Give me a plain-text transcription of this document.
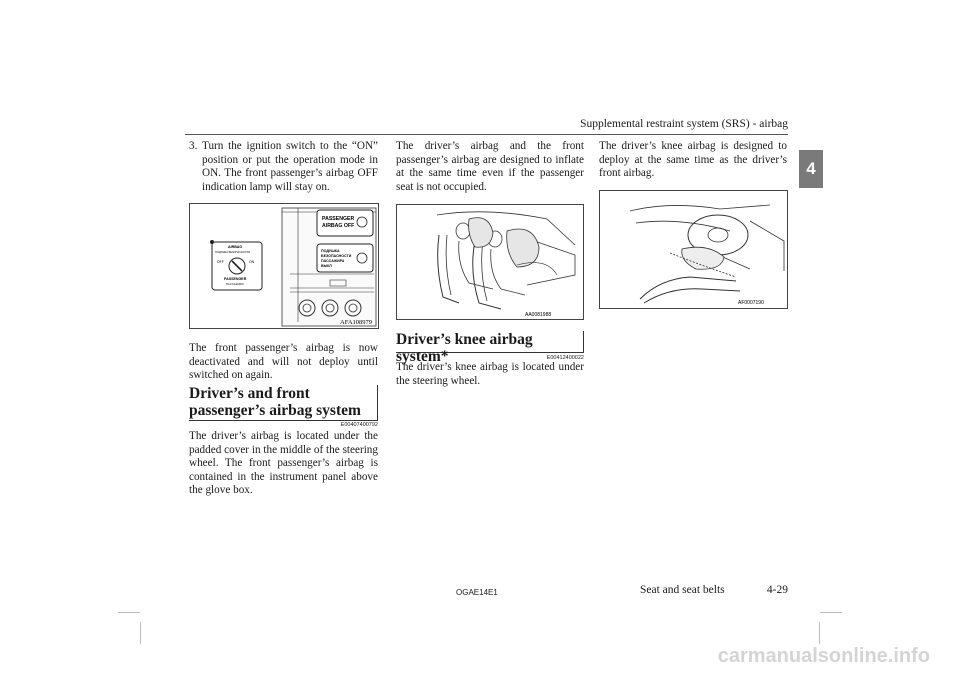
Supplemental restraint system (SRS) - airbag
4
3. Turn the ignition switch to the “ON” position or put the operation mode in ON. The front passenger’s airbag OFF indication lamp will stay on.
PASSENGER
AIRBAG OFF
ПОДУШКА
БЕЗОПАСНОСТИ
ПАССАЖИРА
ВЫКЛ
AIRBAG
ПОДУШКА БЕЗОПАСНОСТИ
OFF	ON
PASSENGER
ПАССАЖИРА
AFA108979
The front passenger’s airbag is now deactivated and will not deploy until switched on again.
Driver’s and front passenger’s airbag system
E00407400792
The driver’s airbag is located under the padded cover in the middle of the steering wheel. The front passenger’s airbag is contained in the instrument panel above the glove box.
The driver’s airbag and the front passenger’s airbag are designed to inflate at the same time even if the passenger seat is not occupied.
AA0081988
Driver’s knee airbag system*	E00412400022
The driver’s knee airbag is located under the steering wheel.
The driver’s knee airbag is designed to deploy at the same time as the driver’s front airbag.
AF0007190
OGAE14E1	Seat and seat belts	4-29
carmanualsonline.info
